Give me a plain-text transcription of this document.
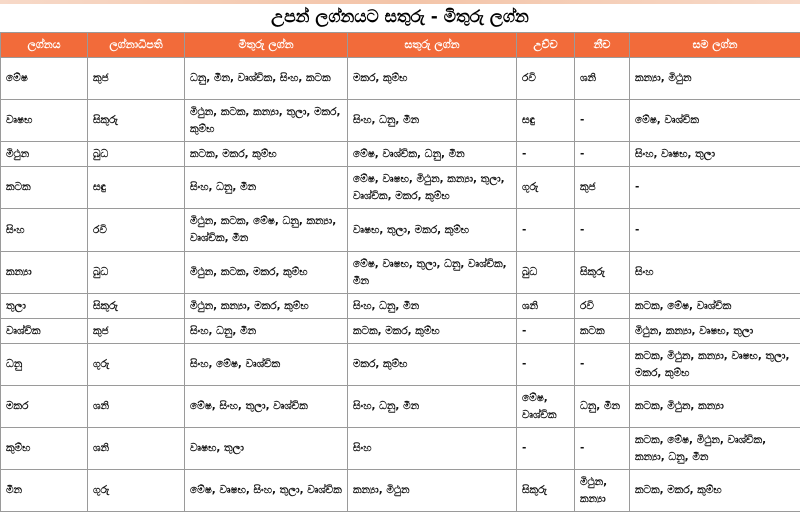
උපන් ලග්නයට සතුරු - මිතුරු ලග්න
ලග්නය	ලග්නාධිපති	මිතුරු ලග්න	සතුරු ලග්න	උච්ච	නීච	සම ලග්න
මේෂ	කුජ	ධනු, මීන, වෘශ්චික, සිංහ, කටක	මකර, කුම්භ	රවි	ශනි	කන්‍යා, මිථුන
වෘෂභ	සිකුරු	මිථුන, කටක, කන්‍යා, තුලා, මකර, කුම්භ	සිංහ, ධනු, මීන	සඳු	-	මේෂ, වෘශ්චික
මිථුන	බුධ	කටක, මකර, කුම්භ	මේෂ, වෘශ්චික, ධනු, මීන	-	-	සිංහ, වෘෂභ, තුලා
කටක	සඳු	සිංහ, ධනු, මීන	මේෂ, වෘෂභ, මිථුන, කන්‍යා, තුලා, වෘශ්චික, මකර, කුම්භ	ගුරු	කුජ	-
සිංහ	රවි	මිථුන, කටක, මේෂ, ධනු, කන්‍යා, වෘශ්චික, මීන	වෘෂභ, තුලා, මකර, කුම්භ	-	-	-
කන්‍යා	බුධ	මිථුන, කටක, මකර, කුම්භ	මේෂ, වෘෂභ, තුලා, ධනු, වෘශ්චික, මීන	බුධ	සිකුරු	සිංහ
තුලා	සිකුරු	මිථුන, කන්‍යා, මකර, කුම්භ	සිංහ, ධනු, මීන	ශනි	රවි	කටක, මේෂ, වෘශ්චික
වෘශ්චික	කුජ	සිංහ, ධනු, මීන	කටක, මකර, කුම්භ	-	කටක	මිථුන, කන්‍යා, වෘෂභ, තුලා
ධනු	ගුරු	සිංහ, මේෂ, වෘශ්චික	මකර, කුම්භ	-	-	කටක, මිථුන, කන්‍යා, වෘෂභ, තුලා, මකර, කුම්භ
මකර	ශනි	මේෂ, සිංහ, තුලා, වෘශ්චික	සිංහ, ධනු, මීන	මේෂ, වෘශ්චික	ධනු, මීන	කටක, මිථුන, කන්‍යා
කුම්භ	ශනි	වෘෂභ, තුලා	සිංහ	-	-	කටක, මේෂ, මිථුන, වෘශ්චික, කන්‍යා, ධනු, මීන
මීන	ගුරු	මේෂ, වෘෂභ, සිංහ, තුලා, වෘශ්චික	කන්‍යා, මිථුන	සිකුරු	මිථුන, කන්‍යා	කටක, මකර, කුම්භ
